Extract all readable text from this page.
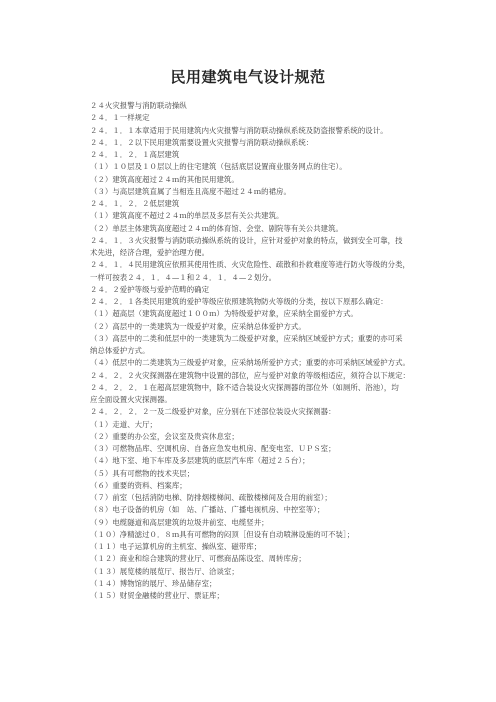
民用建筑电气设计规范
２４火灾报警与消防联动操纵
２４．１一样规定
２４．１．１本章适用于民用建筑内火灾报警与消防联动操纵系统及防盗报警系统的设计。
２４．１．２以下民用建筑需要设置火灾报警与消防联动操纵系统：
２４．１．２．１高层建筑
（１）１０层及１０层以上的住宅建筑（包括底层设置商业服务网点的住宅）。
（２）建筑高度超过２４ｍ的其他民用建筑。
（３）与高层建筑直属了当相连且高度不超过２４ｍ的裙房。
２４．１．２．２低层建筑
（１）建筑高度不超过２４ｍ的单层及多层有关公共建筑。
（２）单层主体建筑高度超过２４ｍ的体育馆、会堂、剧院等有关公共建筑。
２４．１．３火灾报警与消防联动操纵系统的设计，应针对爱护对象的特点，做到安全可靠，技
术先进，经济合理，爱护治理方便。
２４．１．４民用建筑应依照其使用性质、火灾危险性、疏散和扑救难度等进行防火等级的分类，
一样可按表２４．１．４—１和２４．１．４—２划分。
２４．２爱护等级与爱护范畴的确定
２４．２．１各类民用建筑的爱护等级应依照建筑物防火等级的分类，按以下原那么确定：
（１）超高层（建筑高度超过１００ｍ）为特级爱护对象，应采纳全面爱护方式。
（２）高层中的一类建筑为一级爱护对象，应采纳总体爱护方式。
（３）高层中的二类和低层中的一类建筑为二级爱护对象，应采纳区域爱护方式；重要的亦可采
纳总体爱护方式。
（４）低层中的二类建筑为三级爱护对象，应采纳场所爱护方式；重要的亦可采纳区域爱护方式。
２４．２．２火灾探测器在建筑物中设置的部位，应与爱护对象的等级相适应，须符合以下规定：
２４．２．２．１在超高层建筑物中，除不适合装设火灾探测器的部位外（如厕所、浴池），均
应全面设置火灾探测器。
２４．２．２．２一及二级爱护对象，应分别在下述部位装设火灾探测器：
（１）走道、大厅；
（２）重要的办公室，会议室及贵宾休息室；
（３）可燃物品库、空调机房、自备应急发电机房、配变电室、ＵＰＳ室；
（４）地下室、地下车库及多层建筑的底层汽车库（超过２５台）；
（５）具有可燃物的技术夹层；
（６）重要的资料、档案库；
（７）前室（包括消防电梯、防排烟楼梯间、疏散楼梯间及合用的前室）；
（８）电子设备的机房（如　站、广播站、广播电视机房、中控室等）；
（９）电缆隧道和高层建筑的垃圾井前室、电缆竖井；
（１０）净精滤过０．８ｍ具有可燃物的闷顶［但设有自动喷淋设施的可不装］；
（１１）电子运算机房的主机室、操纵室、磁带库；
（１２）商业和综合建筑的营业厅、可燃商品陈设室、周转库房；
（１３）展览楼的展览厅、报告厅、洽谈室；
（１４）博物馆的展厅、珍品储存室；
（１５）财贸金融楼的营业厅、票证库；
